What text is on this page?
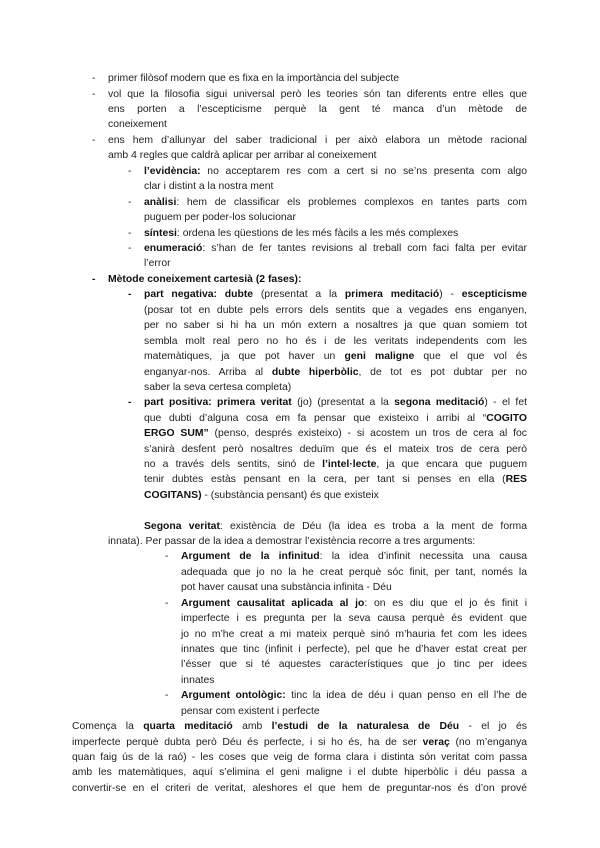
- primer filòsof modern que es fixa en la importància del subjecte
- vol que la filosofia sigui universal però les teories són tan diferents entre elles que
ens porten a l’escepticisme perquè la gent té manca d’un mètode de
coneixement
- ens hem d’allunyar del saber tradicional i per això elabora un mètode racional
amb 4 regles que caldrà aplicar per arribar al coneixement
- l’evidència: no acceptarem res com a cert si no se’ns presenta com algo
clar i distint a la nostra ment
- anàlisi: hem de classificar els problemes complexos en tantes parts com
puguem per poder-los solucionar
- síntesi: ordena les qüestions de les més fàcils a les més complexes
- enumeració: s’han de fer tantes revisions al treball com faci falta per evitar
l’error
- Mètode coneixement cartesià (2 fases):
- part negativa: dubte (presentat a la primera meditació) - escepticisme
(posar tot en dubte pels errors dels sentits que a vegades ens enganyen,
per no saber si hi ha un món extern a nosaltres ja que quan somiem tot
sembla molt real pero no ho és i de les veritats independents com les
matemàtiques, ja que pot haver un geni maligne que el que vol és
enganyar-nos. Arriba al dubte hiperbòlic, de tot es pot dubtar per no
saber la seva certesa completa)
- part positiva: primera veritat (jo) (presentat a la segona meditació) - el fet
que dubti d’alguna cosa em fa pensar que existeixo i arribi al “COGITO
ERGO SUM” (penso, després existeixo) - si acostem un tros de cera al foc
s’anirà desfent però nosaltres deduïm que és el mateix tros de cera però
no a través dels sentits, sinó de l’intel·lecte, ja que encara que puguem
tenir dubtes estàs pensant en la cera, per tant si penses en ella (RES
COGITANS) - (substància pensant) és que existeix
Segona veritat: existència de Déu (la idea es troba a la ment de forma
innata). Per passar de la idea a demostrar l’existència recorre a tres arguments:
- Argument de la infinitud: la idea d’infinit necessita una causa
adequada que jo no la he creat perquè sóc finit, per tant, només la
pot haver causat una substància infinita - Déu
- Argument causalitat aplicada al jo: on es diu que el jo és finit i
imperfecte i es pregunta per la seva causa perquè és evident que
jo no m’he creat a mi mateix perquè sinó m’hauria fet com les idees
innates que tinc (infinit i perfecte), pel que he d’haver estat creat per
l’ésser que si té aquestes característiques que jo tinc per idees
innates
- Argument ontològic: tinc la idea de déu i quan penso en ell l’he de
pensar com existent i perfecte
Comença la quarta meditació amb l’estudi de la naturalesa de Déu - el jo és
imperfecte perquè dubta però Déu és perfecte, i si ho és, ha de ser veraç (no m’enganya
quan faig ús de la raó) - les coses que veig de forma clara i distinta són veritat com passa
amb les matemàtiques, aquí s’elimina el geni maligne i el dubte hiperbòlic i déu passa a
convertir-se en el criteri de veritat, aleshores el que hem de preguntar-nos és d’on prové
